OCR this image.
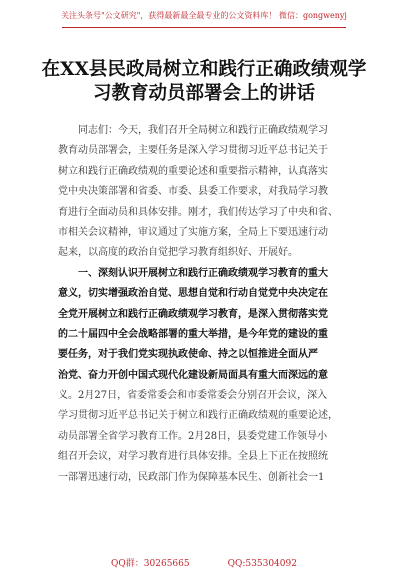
关注头条号"公文研究"，获得最新最全最专业的公文资料库！ 微信：gongwenyj
在XX县民政局树立和践行正确政绩观学
习教育动员部署会上的讲话
同志们：今天，我们召开全局树立和践行正确政绩观学习
教育动员部署会，主要任务是深入学习贯彻习近平总书记关于
树立和践行正确政绩观的重要论述和重要指示精神，认真落实
党中央决策部署和省委、市委、县委工作要求，对我局学习教
育进行全面动员和具体安排。刚才，我们传达学习了中央和省、
市相关会议精神，审议通过了实施方案，全局上下要迅速行动
起来，以高度的政治自觉把学习教育组织好、开展好。
一、深刻认识开展树立和践行正确政绩观学习教育的重大
意义，切实增强政治自觉、思想自觉和行动自觉党中央决定在
全党开展树立和践行正确政绩观学习教育，是深入贯彻落实党
的二十届四中全会战略部署的重大举措，是今年党的建设的重
要任务，对于我们党实现执政使命、持之以恒推进全面从严
治党、奋力开创中国式现代化建设新局面具有重大而深远的意
义。2月27日，省委常委会和市委常委会分别召开会议，深入
学习贯彻习近平总书记关于树立和践行正确政绩观的重要论述，
动员部署全省学习教育工作。2月28日，县委党建工作领导小
组召开会议，对学习教育进行具体安排。全县上下正在按照统
一部署迅速行动，民政部门作为保障基本民生、创新社会一1
QQ群：30265665	QQ:535304092
